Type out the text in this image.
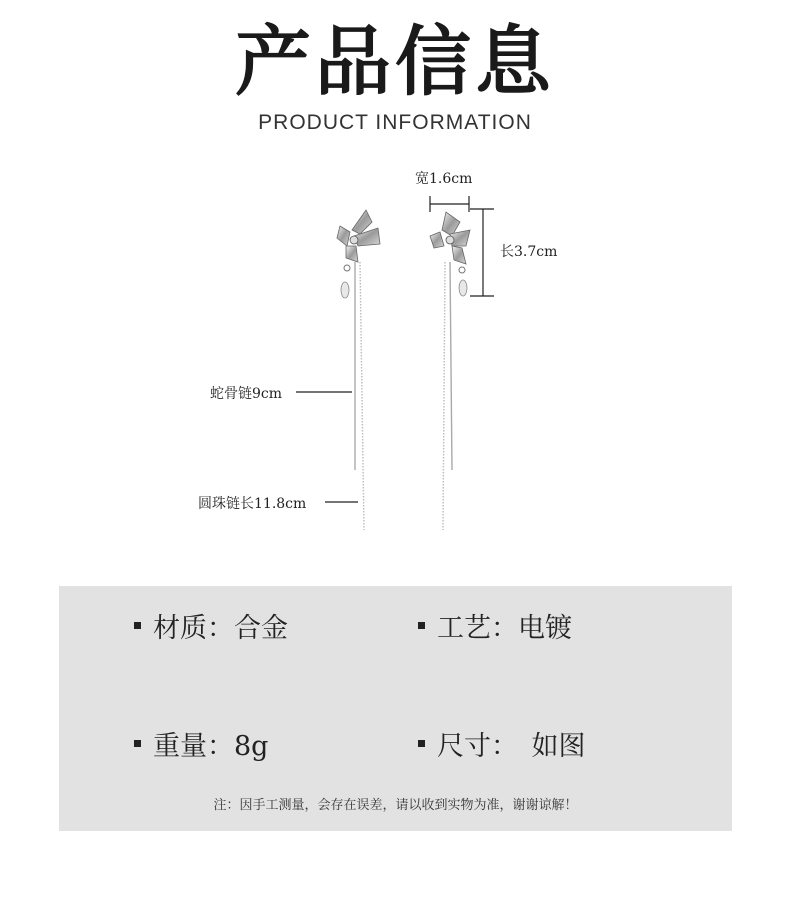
产品信息
PRODUCT INFORMATION
宽1.6cm
长3.7cm
蛇骨链9cm
圆珠链长11.8cm
材质：合金	工艺：电镀
重量：8g	尺寸：　如图
注：因手工测量，会存在误差，请以收到实物为准，谢谢谅解！
